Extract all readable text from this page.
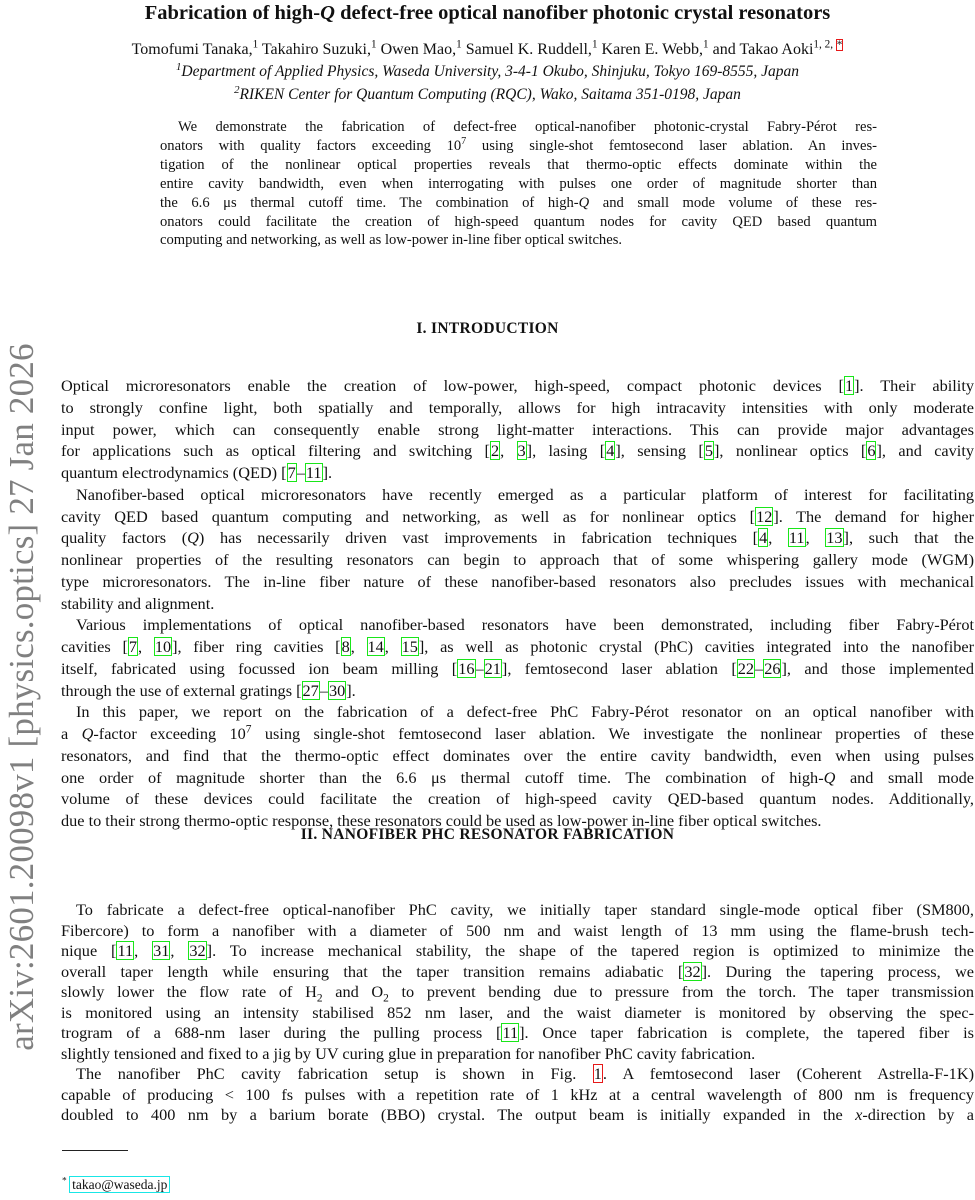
arXiv:2601.20098v1 [physics.optics] 27 Jan 2026
Fabrication of high-Q defect-free optical nanofiber photonic crystal resonators
Tomofumi Tanaka,$^1$ Takahiro Suzuki,$^1$ Owen Mao,$^1$ Samuel K. Ruddell,$^1$ Karen E. Webb,$^1$ and Takao Aoki$^{1, 2,}$ *
$^1$Department of Applied Physics, Waseda University, 3-4-1 Okubo, Shinjuku, Tokyo 169-8555, Japan
$^2$RIKEN Center for Quantum Computing (RQC), Wako, Saitama 351-0198, Japan
We demonstrate the fabrication of defect-free optical-nanofiber photonic-crystal Fabry-Pérot res-
onators with quality factors exceeding $10^7$ using single-shot femtosecond laser ablation. An inves-
tigation of the nonlinear optical properties reveals that thermo-optic effects dominate within the
entire cavity bandwidth, even when interrogating with pulses one order of magnitude shorter than
the 6.6 μs thermal cutoff time. The combination of high-Q and small mode volume of these res-
onators could facilitate the creation of high-speed quantum nodes for cavity QED based quantum
computing and networking, as well as low-power in-line fiber optical switches.
I. INTRODUCTION
Optical microresonators enable the creation of low-power, high-speed, compact photonic devices [1]. Their ability
to strongly confine light, both spatially and temporally, allows for high intracavity intensities with only moderate
input power, which can consequently enable strong light-matter interactions. This can provide major advantages
for applications such as optical filtering and switching [2, 3], lasing [4], sensing [5], nonlinear optics [6], and cavity
quantum electrodynamics (QED) [7–11].
Nanofiber-based optical microresonators have recently emerged as a particular platform of interest for facilitating
cavity QED based quantum computing and networking, as well as for nonlinear optics [12]. The demand for higher
quality factors (Q) has necessarily driven vast improvements in fabrication techniques [4, 11, 13], such that the
nonlinear properties of the resulting resonators can begin to approach that of some whispering gallery mode (WGM)
type microresonators. The in-line fiber nature of these nanofiber-based resonators also precludes issues with mechanical
stability and alignment.
Various implementations of optical nanofiber-based resonators have been demonstrated, including fiber Fabry-Pérot
cavities [7, 10], fiber ring cavities [8, 14, 15], as well as photonic crystal (PhC) cavities integrated into the nanofiber
itself, fabricated using focussed ion beam milling [16–21], femtosecond laser ablation [22–26], and those implemented
through the use of external gratings [27–30].
In this paper, we report on the fabrication of a defect-free PhC Fabry-Pérot resonator on an optical nanofiber with
a Q-factor exceeding $10^7$ using single-shot femtosecond laser ablation. We investigate the nonlinear properties of these
resonators, and find that the thermo-optic effect dominates over the entire cavity bandwidth, even when using pulses
one order of magnitude shorter than the 6.6 μs thermal cutoff time. The combination of high-Q and small mode
volume of these devices could facilitate the creation of high-speed cavity QED-based quantum nodes. Additionally,
due to their strong thermo-optic response, these resonators could be used as low-power in-line fiber optical switches.
II. NANOFIBER PHC RESONATOR FABRICATION
To fabricate a defect-free optical-nanofiber PhC cavity, we initially taper standard single-mode optical fiber (SM800,
Fibercore) to form a nanofiber with a diameter of 500 nm and waist length of 13 mm using the flame-brush tech-
nique [11, 31, 32]. To increase mechanical stability, the shape of the tapered region is optimized to minimize the
overall taper length while ensuring that the taper transition remains adiabatic [32]. During the tapering process, we
slowly lower the flow rate of $H_2$ and $O_2$ to prevent bending due to pressure from the torch. The taper transmission
is monitored using an intensity stabilised 852 nm laser, and the waist diameter is monitored by observing the spec-
trogram of a 688-nm laser during the pulling process [11]. Once taper fabrication is complete, the tapered fiber is
slightly tensioned and fixed to a jig by UV curing glue in preparation for nanofiber PhC cavity fabrication.
The nanofiber PhC cavity fabrication setup is shown in Fig. 1. A femtosecond laser (Coherent Astrella-F-1K)
capable of producing < 100 fs pulses with a repetition rate of 1 kHz at a central wavelength of 800 nm is frequency
doubled to 400 nm by a barium borate (BBO) crystal. The output beam is initially expanded in the x-direction by a
* takao@waseda.jp
